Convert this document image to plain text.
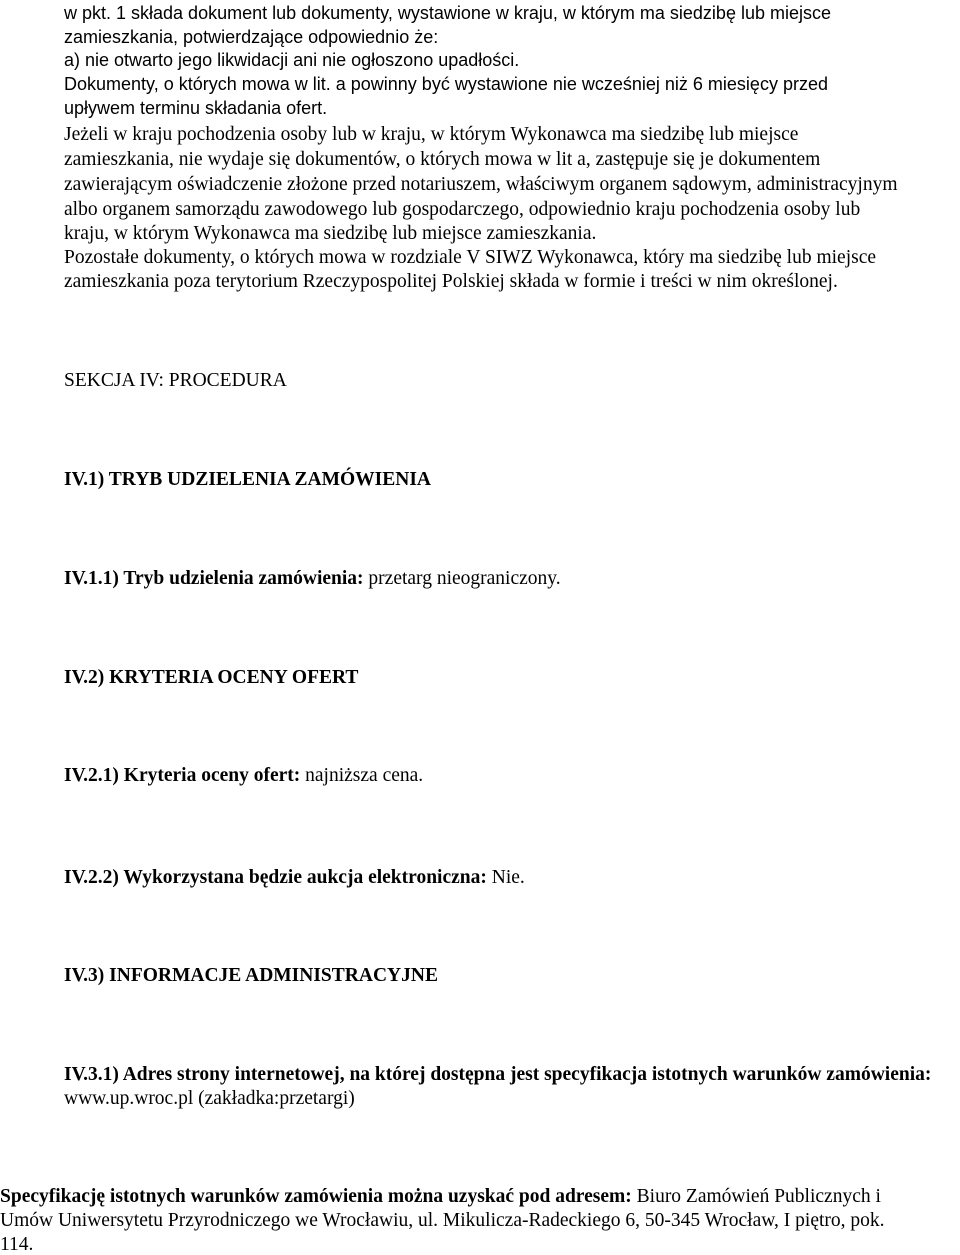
w pkt. 1 składa dokument lub dokumenty, wystawione w kraju, w którym ma siedzibę lub miejsce
zamieszkania, potwierdzające odpowiednio że:
a) nie otwarto jego likwidacji ani nie ogłoszono upadłości.
Dokumenty, o których mowa w lit. a powinny być wystawione nie wcześniej niż 6 miesięcy przed
upływem terminu składania ofert.
Jeżeli w kraju pochodzenia osoby lub w kraju, w którym Wykonawca ma siedzibę lub miejsce
zamieszkania, nie wydaje się dokumentów, o których mowa w lit a, zastępuje się je dokumentem
zawierającym oświadczenie złożone przed notariuszem, właściwym organem sądowym, administracyjnym
albo organem samorządu zawodowego lub gospodarczego, odpowiednio kraju pochodzenia osoby lub
kraju, w którym Wykonawca ma siedzibę lub miejsce zamieszkania.
Pozostałe dokumenty, o których mowa w rozdziale V SIWZ Wykonawca, który ma siedzibę lub miejsce
zamieszkania poza terytorium Rzeczypospolitej Polskiej składa w formie i treści w nim określonej.
SEKCJA IV: PROCEDURA
IV.1) TRYB UDZIELENIA ZAMÓWIENIA
IV.1.1) Tryb udzielenia zamówienia: przetarg nieograniczony.
IV.2) KRYTERIA OCENY OFERT
IV.2.1) Kryteria oceny ofert: najniższa cena.
IV.2.2) Wykorzystana będzie aukcja elektroniczna: Nie.
IV.3) INFORMACJE ADMINISTRACYJNE
IV.3.1) Adres strony internetowej, na której dostępna jest specyfikacja istotnych warunków zamówienia:
www.up.wroc.pl (zakładka:przetargi)
Specyfikację istotnych warunków zamówienia można uzyskać pod adresem: Biuro Zamówień Publicznych i
Umów Uniwersytetu Przyrodniczego we Wrocławiu, ul. Mikulicza-Radeckiego 6, 50-345 Wrocław, I piętro, pok.
114.
